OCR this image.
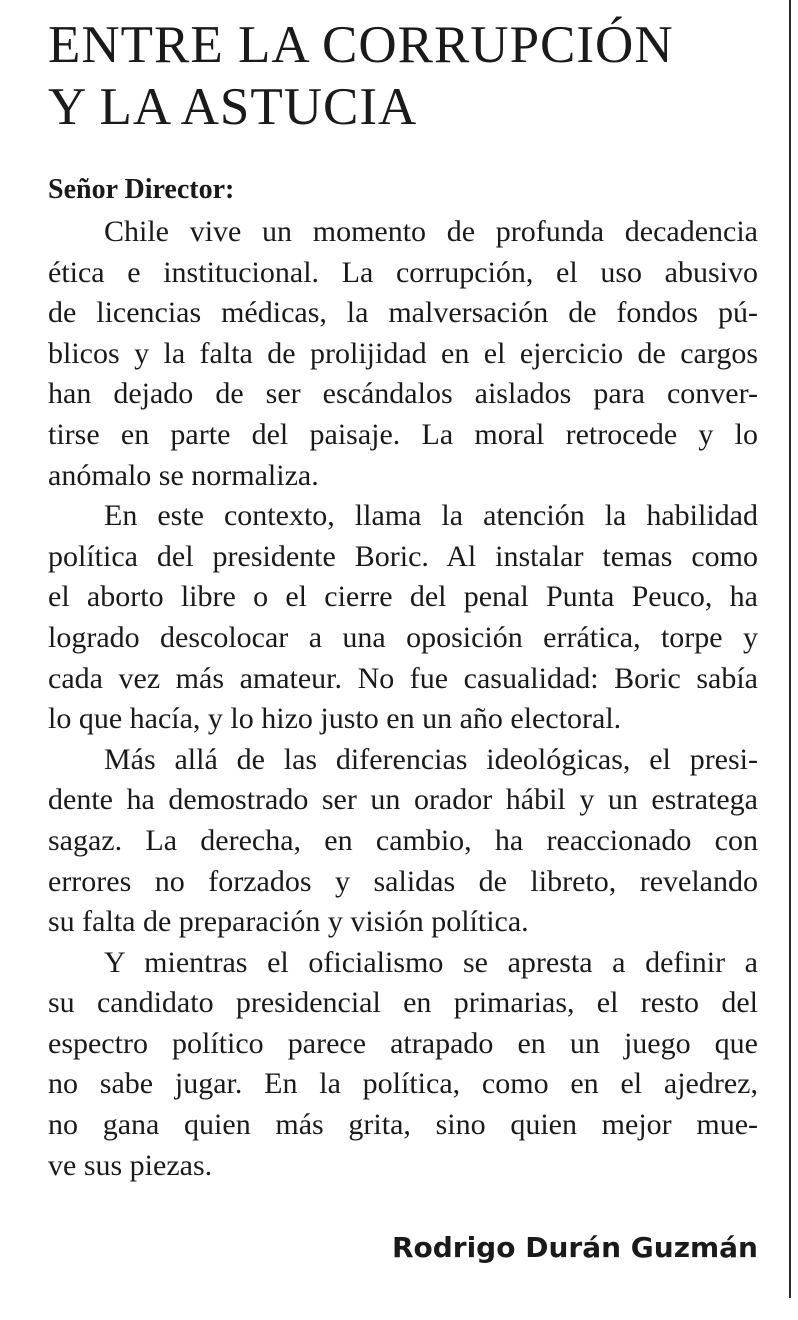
ENTRE LA CORRUPCIÓN
Y LA ASTUCIA

Señor Director:

Chile vive un momento de profunda decadencia
ética e institucional. La corrupción, el uso abusivo
de licencias médicas, la malversación de fondos pú-
blicos y la falta de prolijidad en el ejercicio de cargos
han dejado de ser escándalos aislados para conver-
tirse en parte del paisaje. La moral retrocede y lo
anómalo se normaliza.
En este contexto, llama la atención la habilidad
política del presidente Boric. Al instalar temas como
el aborto libre o el cierre del penal Punta Peuco, ha
logrado descolocar a una oposición errática, torpe y
cada vez más amateur. No fue casualidad: Boric sabía
lo que hacía, y lo hizo justo en un año electoral.
Más allá de las diferencias ideológicas, el presi-
dente ha demostrado ser un orador hábil y un estratega
sagaz. La derecha, en cambio, ha reaccionado con
errores no forzados y salidas de libreto, revelando
su falta de preparación y visión política.
Y mientras el oficialismo se apresta a definir a
su candidato presidencial en primarias, el resto del
espectro político parece atrapado en un juego que
no sabe jugar. En la política, como en el ajedrez,
no gana quien más grita, sino quien mejor mue-
ve sus piezas.

Rodrigo Durán Guzmán
